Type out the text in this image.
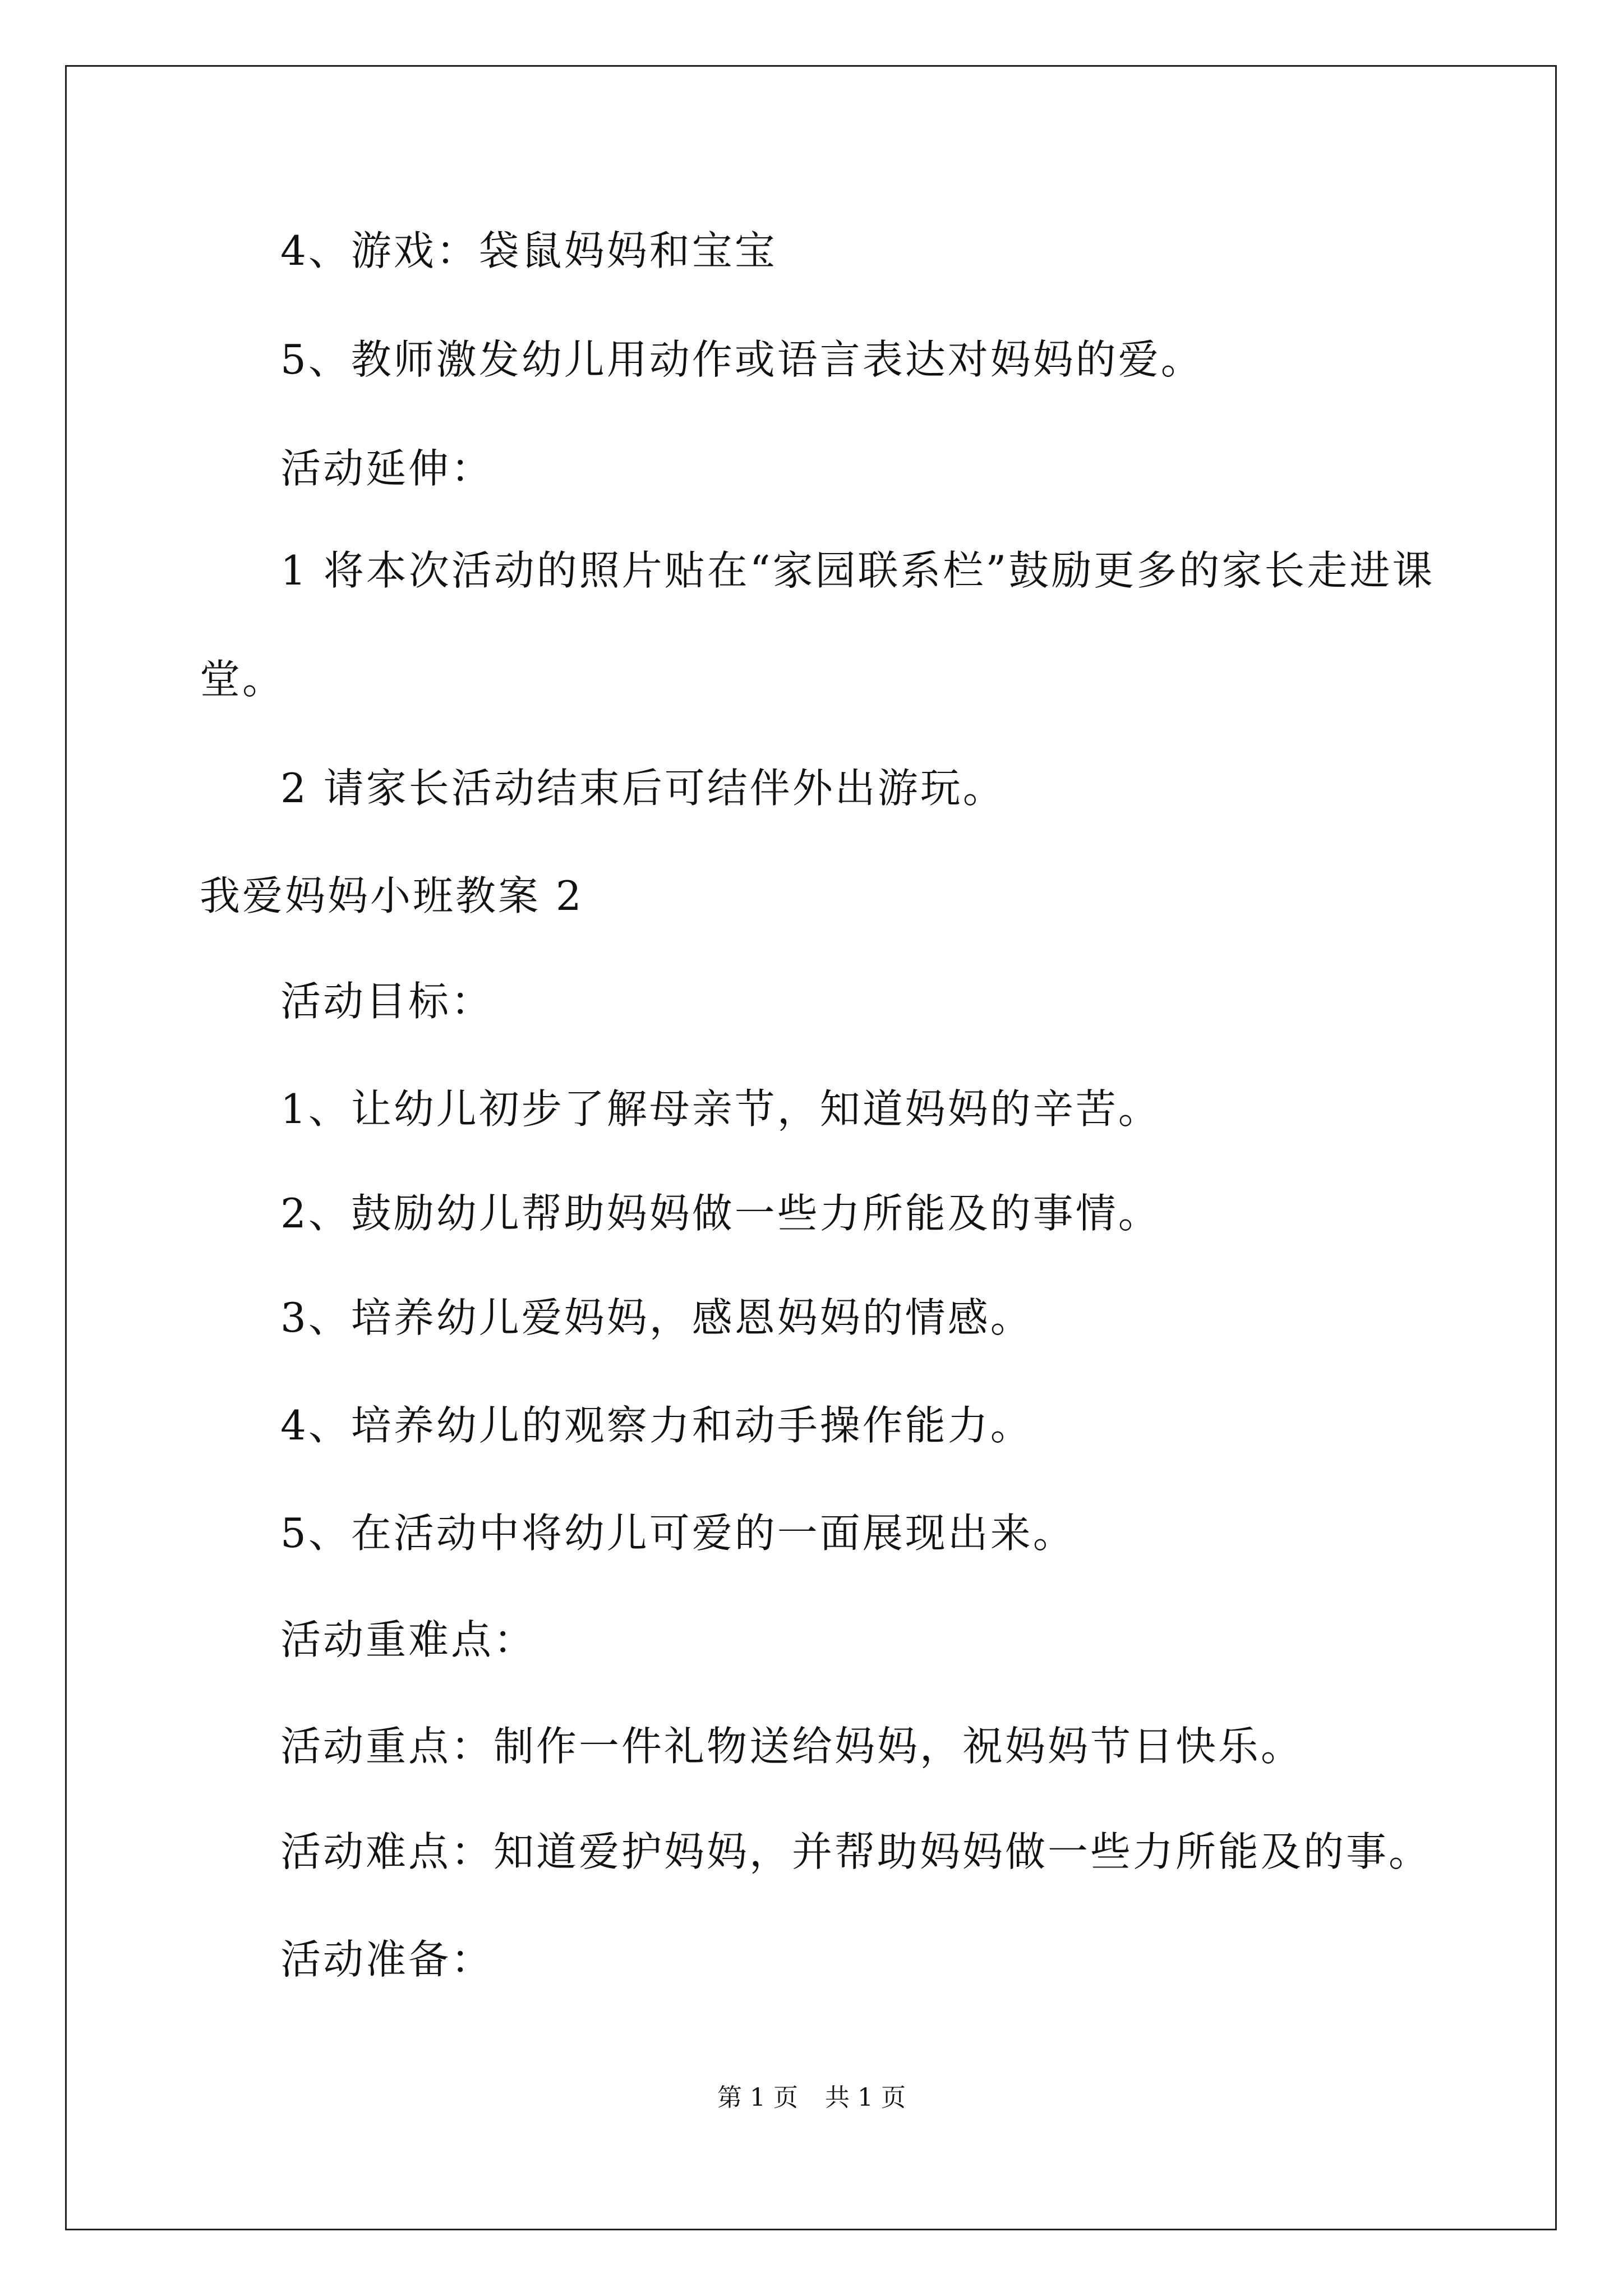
4、游戏：袋鼠妈妈和宝宝
5、教师激发幼儿用动作或语言表达对妈妈的爱。
活动延伸：
1 将本次活动的照片贴在“家园联系栏”鼓励更多的家长走进课
堂。
2 请家长活动结束后可结伴外出游玩。
我爱妈妈小班教案 2
活动目标：
1、让幼儿初步了解母亲节，知道妈妈的辛苦。
2、鼓励幼儿帮助妈妈做一些力所能及的事情。
3、培养幼儿爱妈妈，感恩妈妈的情感。
4、培养幼儿的观察力和动手操作能力。
5、在活动中将幼儿可爱的一面展现出来。
活动重难点：
活动重点：制作一件礼物送给妈妈，祝妈妈节日快乐。
活动难点：知道爱护妈妈，并帮助妈妈做一些力所能及的事。
活动准备：
第 1 页 共 1 页
